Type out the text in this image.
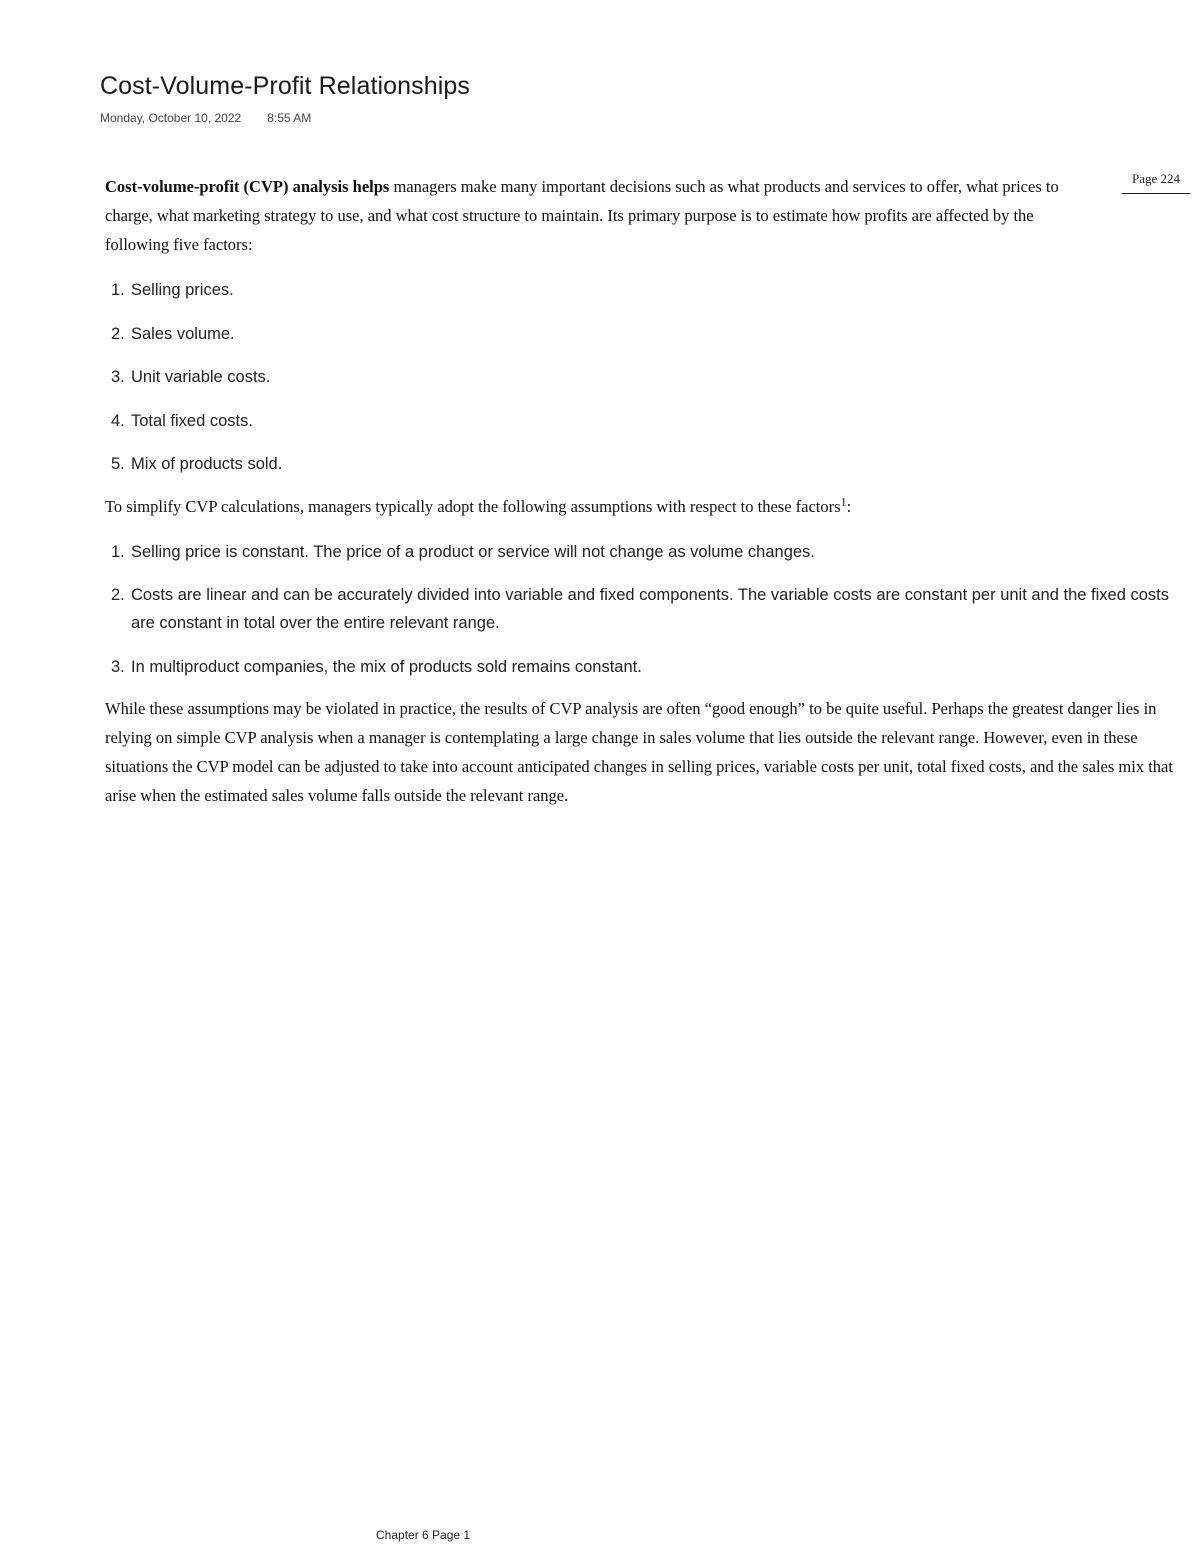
Cost-Volume-Profit Relationships
Monday, October 10, 2022 8:55 AM
Page 224

Cost-volume-profit (CVP) analysis helps managers make many important decisions such as what products and services to offer, what prices to charge, what marketing strategy to use, and what cost structure to maintain. Its primary purpose is to estimate how profits are affected by the following five factors:

1. Selling prices.
2. Sales volume.
3. Unit variable costs.
4. Total fixed costs.
5. Mix of products sold.

To simplify CVP calculations, managers typically adopt the following assumptions with respect to these factors$^1$:

1. Selling price is constant. The price of a product or service will not change as volume changes.
2. Costs are linear and can be accurately divided into variable and fixed components. The variable costs are constant per unit and the fixed costs are constant in total over the entire relevant range.
3. In multiproduct companies, the mix of products sold remains constant.

While these assumptions may be violated in practice, the results of CVP analysis are often “good enough” to be quite useful. Perhaps the greatest danger lies in relying on simple CVP analysis when a manager is contemplating a large change in sales volume that lies outside the relevant range. However, even in these situations the CVP model can be adjusted to take into account anticipated changes in selling prices, variable costs per unit, total fixed costs, and the sales mix that arise when the estimated sales volume falls outside the relevant range.

Chapter 6 Page 1
